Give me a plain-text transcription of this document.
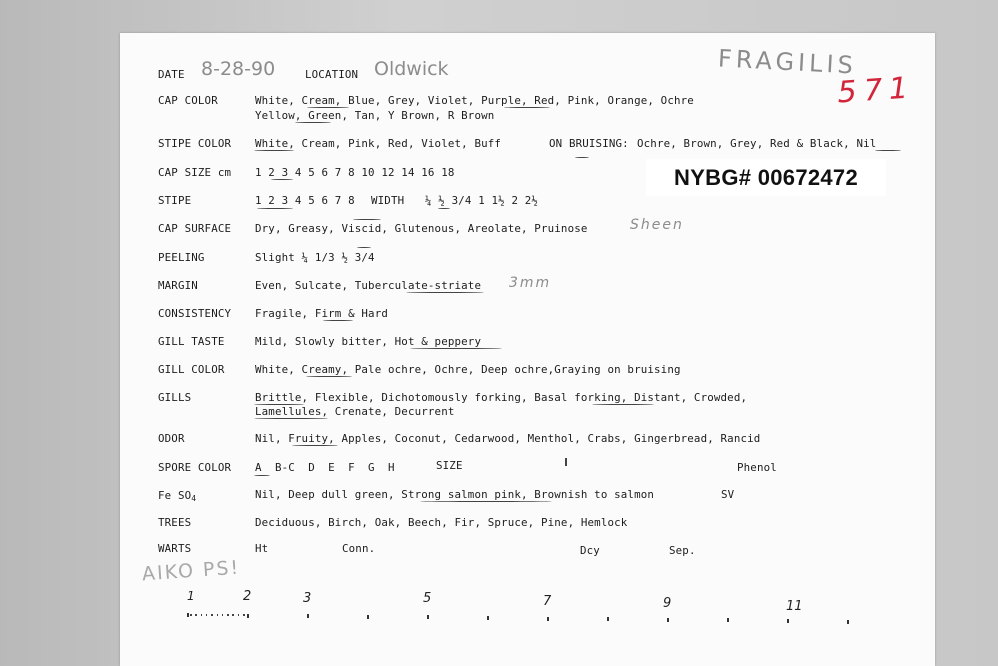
FRAGILIS
571
DATE 8-28-90	LOCATION Oldwick
CAP COLOR	White, Cream, Blue, Grey, Violet, Purple, Red, Pink, Orange, Ochre
Yellow, Green, Tan, Y Brown, R Brown
STIPE COLOR White, Cream, Pink, Red, Violet, Buff	ON BRUISING: Ochre, Brown, Grey, Red & Black, Nil
CAP SIZE cm 1 2 3 4 5 6 7 8 10 12 14 16 18
STIPE	1 2 3 4 5 6 7 8 WIDTH ¼ ½ 3/4 1 1½ 2 2½
CAP SURFACE Dry, Greasy, Viscid, Glutenous, Areolate, Pruinose	Sheen
PEELING	Slight ¼ 1/3 ½ 3/4
MARGIN	Even, Sulcate, Tuberculate-striate 3mm
CONSISTENCY Fragile, Firm & Hard
GILL TASTE	Mild, Slowly bitter, Hot & peppery
GILL COLOR	White, Creamy, Pale ochre, Ochre, Deep ochre,Graying on bruising
GILLS	Brittle, Flexible, Dichotomously forking, Basal forking, Distant, Crowded,
Lamellules, Crenate, Decurrent
ODOR	Nil, Fruity, Apples, Coconut, Cedarwood, Menthol, Crabs, Gingerbread, Rancid
SPORE COLOR A  B-C  D  E  F  G  H	SIZE	Phenol
Fe $SO_4$	Nil, Deep dull green, Strong salmon pink, Brownish to salmon	SV
TREES	Deciduous, Birch, Oak, Beech, Fir, Spruce, Pine, Hemlock
WARTS	Ht	Conn.	Dcy	Sep.
AIKO PS!
1	2	3	5	7	9	11
NYBG# 00672472
